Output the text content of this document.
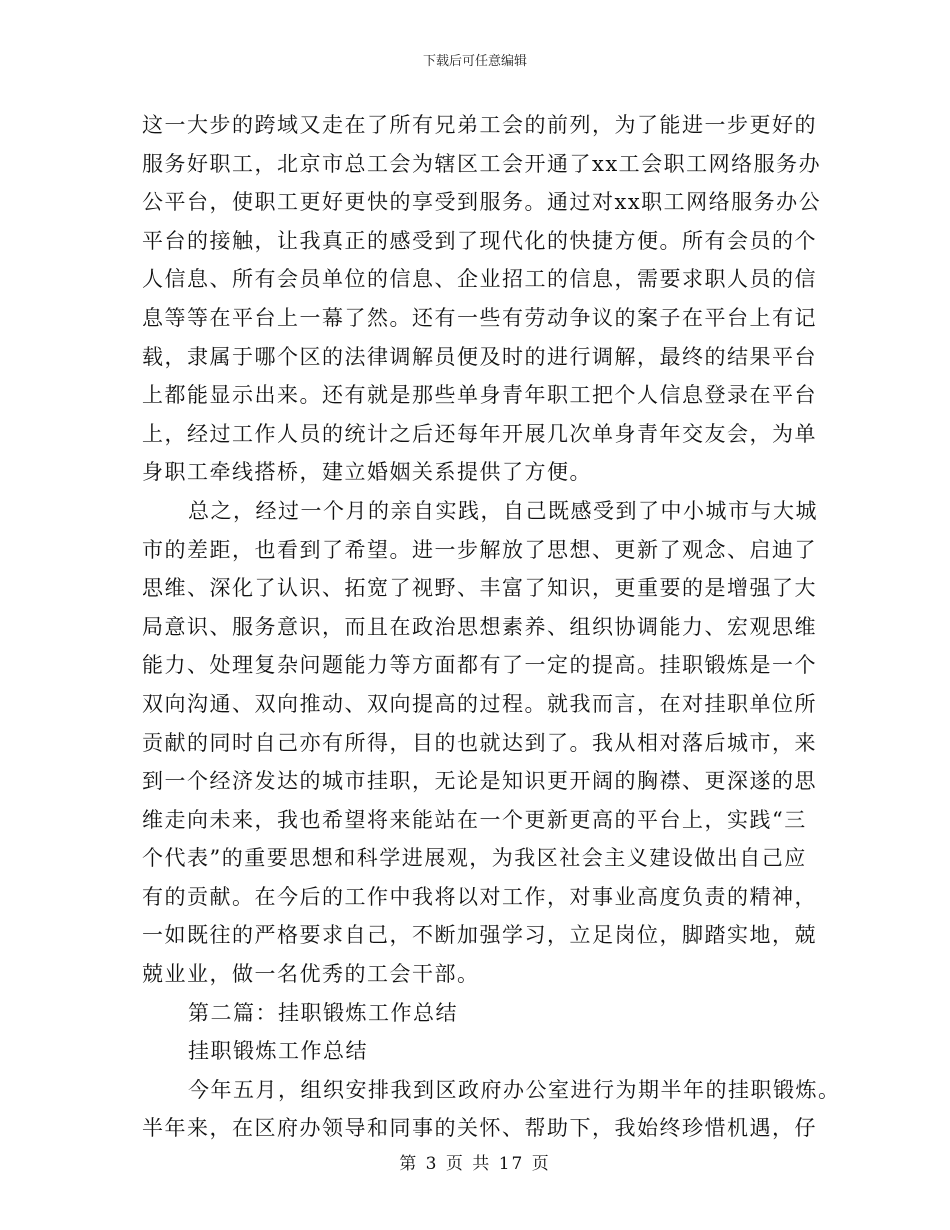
下载后可任意编辑
这一大步的跨域又走在了所有兄弟工会的前列，为了能进一步更好的
服务好职工，北京市总工会为辖区工会开通了xx工会职工网络服务办
公平台，使职工更好更快的享受到服务。通过对xx职工网络服务办公
平台的接触，让我真正的感受到了现代化的快捷方便。所有会员的个
人信息、所有会员单位的信息、企业招工的信息，需要求职人员的信
息等等在平台上一幕了然。还有一些有劳动争议的案子在平台上有记
载，隶属于哪个区的法律调解员便及时的进行调解，最终的结果平台
上都能显示出来。还有就是那些单身青年职工把个人信息登录在平台
上，经过工作人员的统计之后还每年开展几次单身青年交友会，为单
身职工牵线搭桥，建立婚姻关系提供了方便。
总之，经过一个月的亲自实践，自己既感受到了中小城市与大城
市的差距，也看到了希望。进一步解放了思想、更新了观念、启迪了
思维、深化了认识、拓宽了视野、丰富了知识，更重要的是增强了大
局意识、服务意识，而且在政治思想素养、组织协调能力、宏观思维
能力、处理复杂问题能力等方面都有了一定的提高。挂职锻炼是一个
双向沟通、双向推动、双向提高的过程。就我而言，在对挂职单位所
贡献的同时自己亦有所得，目的也就达到了。我从相对落后城市，来
到一个经济发达的城市挂职，无论是知识更开阔的胸襟、更深遂的思
维走向未来，我也希望将来能站在一个更新更高的平台上，实践“三
个代表”的重要思想和科学进展观，为我区社会主义建设做出自己应
有的贡献。在今后的工作中我将以对工作，对事业高度负责的精神，
一如既往的严格要求自己，不断加强学习，立足岗位，脚踏实地，兢
兢业业，做一名优秀的工会干部。
第二篇：挂职锻炼工作总结
挂职锻炼工作总结
今年五月，组织安排我到区政府办公室进行为期半年的挂职锻炼。
半年来，在区府办领导和同事的关怀、帮助下，我始终珍惜机遇，仔
第 3 页 共 17 页
